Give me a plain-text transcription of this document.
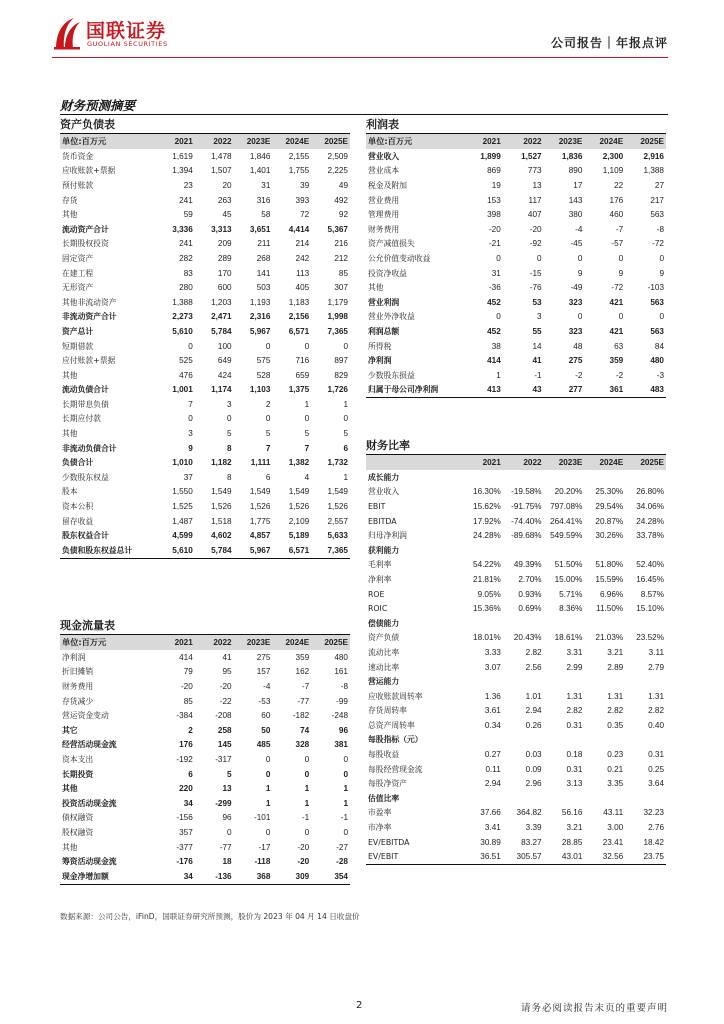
国联证券
GUOLIAN SECURITIES	公司报告｜年报点评
财务预测摘要
资产负债表
单位:百万元	2021	2022	2023E	2024E	2025E
货币资金	1,619	1,478	1,846	2,155	2,509
应收账款+票据	1,394	1,507	1,401	1,755	2,225
预付账款	23	20	31	39	49
存货	241	263	316	393	492
其他	59	45	58	72	92
流动资产合计	3,336	3,313	3,651	4,414	5,367
长期股权投资	241	209	211	214	216
固定资产	282	289	268	242	212
在建工程	83	170	141	113	85
无形资产	280	600	503	405	307
其他非流动资产	1,388	1,203	1,193	1,183	1,179
非流动资产合计	2,273	2,471	2,316	2,156	1,998
资产总计	5,610	5,784	5,967	6,571	7,365
短期借款	0	100	0	0	0
应付账款+票据	525	649	575	716	897
其他	476	424	528	659	829
流动负债合计	1,001	1,174	1,103	1,375	1,726
长期带息负债	7	3	2	1	1
长期应付款	0	0	0	0	0
其他	3	5	5	5	5
非流动负债合计	9	8	7	7	6
负债合计	1,010	1,182	1,111	1,382	1,732
少数股东权益	37	8	6	4	1
股本	1,550	1,549	1,549	1,549	1,549
资本公积	1,525	1,526	1,526	1,526	1,526
留存收益	1,487	1,518	1,775	2,109	2,557
股东权益合计	4,599	4,602	4,857	5,189	5,633
负债和股东权益总计	5,610	5,784	5,967	6,571	7,365
现金流量表
单位:百万元	2021	2022	2023E	2024E	2025E
净利润	414	41	275	359	480
折旧摊销	79	95	157	162	161
财务费用	-20	-20	-4	-7	-8
存货减少	85	-22	-53	-77	-99
营运资金变动	-384	-208	60	-182	-248
其它	2	258	50	74	96
经营活动现金流	176	145	485	328	381
资本支出	-192	-317	0	0	0
长期投资	6	5	0	0	0
其他	220	13	1	1	1
投资活动现金流	34	-299	1	1	1
债权融资	-156	96	-101	-1	-1
股权融资	357	0	0	0	0
其他	-377	-77	-17	-20	-27
筹资活动现金流	-176	18	-118	-20	-28
现金净增加额	34	-136	368	309	354
利润表
单位:百万元	2021	2022	2023E	2024E	2025E
营业收入	1,899	1,527	1,836	2,300	2,916
营业成本	869	773	890	1,109	1,388
税金及附加	19	13	17	22	27
营业费用	153	117	143	176	217
管理费用	398	407	380	460	563
财务费用	-20	-20	-4	-7	-8
资产减值损失	-21	-92	-45	-57	-72
公允价值变动收益	0	0	0	0	0
投资净收益	31	-15	9	9	9
其他	-36	-76	-49	-72	-103
营业利润	452	53	323	421	563
营业外净收益	0	3	0	0	0
利润总额	452	55	323	421	563
所得税	38	14	48	63	84
净利润	414	41	275	359	480
少数股东损益	1	-1	-2	-2	-3
归属于母公司净利润	413	43	277	361	483
财务比率
	2021	2022	2023E	2024E	2025E
成长能力					
营业收入	16.30%	-19.58%	20.20%	25.30%	26.80%
EBIT	15.62%	-91.75%	797.08%	29.54%	34.06%
EBITDA	17.92%	-74.40%	264.41%	20.87%	24.28%
归母净利润	24.28%	-89.68%	549.59%	30.26%	33.78%
获利能力					
毛利率	54.22%	49.39%	51.50%	51.80%	52.40%
净利率	21.81%	2.70%	15.00%	15.59%	16.45%
ROE	9.05%	0.93%	5.71%	6.96%	8.57%
ROIC	15.36%	0.69%	8.36%	11.50%	15.10%
偿债能力					
资产负债	18.01%	20.43%	18.61%	21.03%	23.52%
流动比率	3.33	2.82	3.31	3.21	3.11
速动比率	3.07	2.56	2.99	2.89	2.79
营运能力					
应收账款周转率	1.36	1.01	1.31	1.31	1.31
存货周转率	3.61	2.94	2.82	2.82	2.82
总资产周转率	0.34	0.26	0.31	0.35	0.40
每股指标（元）					
每股收益	0.27	0.03	0.18	0.23	0.31
每股经营现金流	0.11	0.09	0.31	0.21	0.25
每股净资产	2.94	2.96	3.13	3.35	3.64
估值比率					
市盈率	37.66	364.82	56.16	43.11	32.23
市净率	3.41	3.39	3.21	3.00	2.76
EV/EBITDA	30.89	83.27	28.85	23.41	18.42
EV/EBIT	36.51	305.57	43.01	32.56	23.75
数据来源：公司公告，iFinD，国联证券研究所预测，股价为 2023 年 04 月 14 日收盘价
2	请务必阅读报告末页的重要声明
